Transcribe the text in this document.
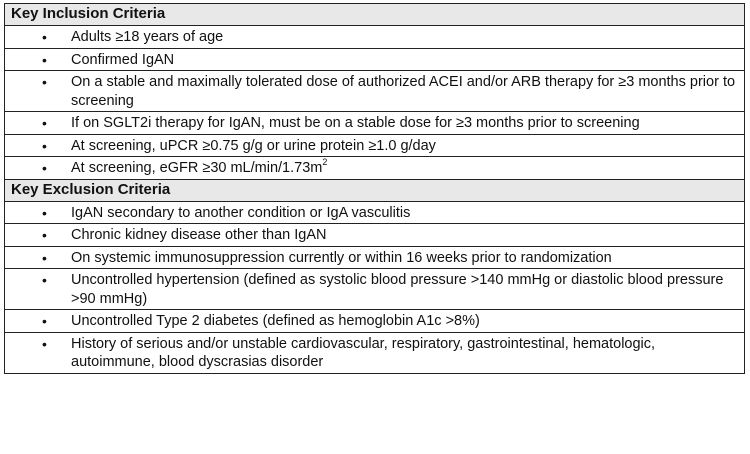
Key Inclusion Criteria

•	Adults ≥18 years of age

•	Confirmed IgAN

•	On a stable and maximally tolerated dose of authorized ACEI and/or ARB therapy for ≥3 months prior to screening

•	If on SGLT2i therapy for IgAN, must be on a stable dose for ≥3 months prior to screening

•	At screening, uPCR ≥0.75 g/g or urine protein ≥1.0 g/day

•	At screening, eGFR ≥30 $mL/\min/1.73m^2$

Key Exclusion Criteria

•	IgAN secondary to another condition or IgA vasculitis

•	Chronic kidney disease other than IgAN

•	On systemic immunosuppression currently or within 16 weeks prior to randomization

•	Uncontrolled hypertension (defined as systolic blood pressure >140 mmHg or diastolic blood pressure >90 mmHg)

•	Uncontrolled Type 2 diabetes (defined as hemoglobin A1c >8%)

•	History of serious and/or unstable cardiovascular, respiratory, gastrointestinal, hematologic, autoimmune, blood dyscrasias disorder
